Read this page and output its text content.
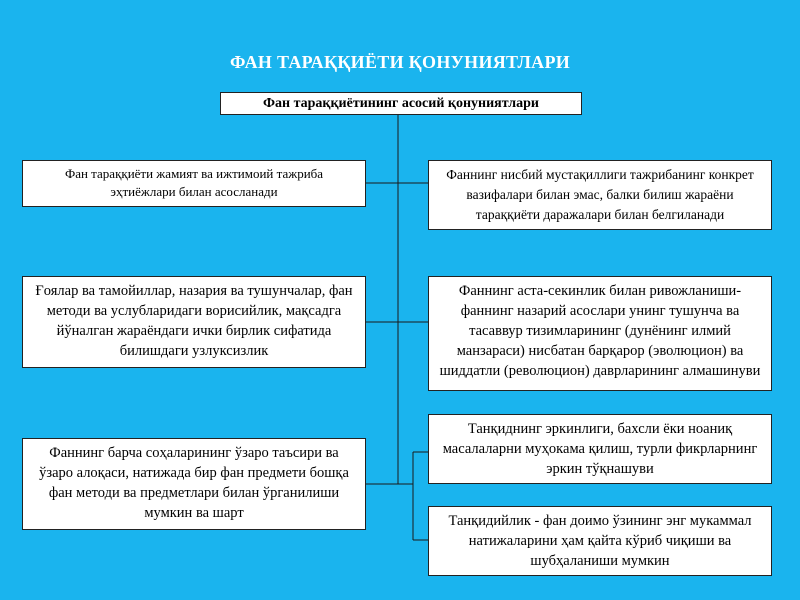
ФАН ТАРАҚҚИЁТИ ҚОНУНИЯТЛАРИ
Фан тараққиётининг асосий қонуниятлари
Фан тараққиёти жамият ва ижтимоий тажриба эҳтиёжлари билан асосланади
Ғоялар ва тамойиллар, назария ва тушунчалар, фан методи ва услубларидаги ворисийлик, мақсадга йўналган жараёндаги ички бирлик сифатида билишдаги узлуксизлик
Фаннинг барча соҳаларининг ўзаро таъсири ва ўзаро алоқаси, натижада бир фан предмети бошқа фан методи ва предметлари билан ўрганилиши мумкин ва шарт
Фаннинг нисбий мустақиллиги тажрибанинг конкрет вазифалари билан эмас, балки билиш жараёни тараққиёти даражалари билан белгиланади
Фаннинг аста-секинлик билан ривожланиши- фаннинг назарий асослари унинг тушунча ва тасаввур тизимларининг (дунёнинг илмий манзараси) нисбатан барқарор (эволюцион) ва шиддатли (революцион) даврларининг алмашинуви
Танқиднинг эркинлиги, бахсли ёки ноаниқ масалаларни муҳокама қилиш, турли фикрларнинг эркин тўқнашуви
Танқидийлик - фан доимо ўзининг энг мукаммал натижаларини ҳам қайта кўриб чиқиши ва шубҳаланиши мумкин
